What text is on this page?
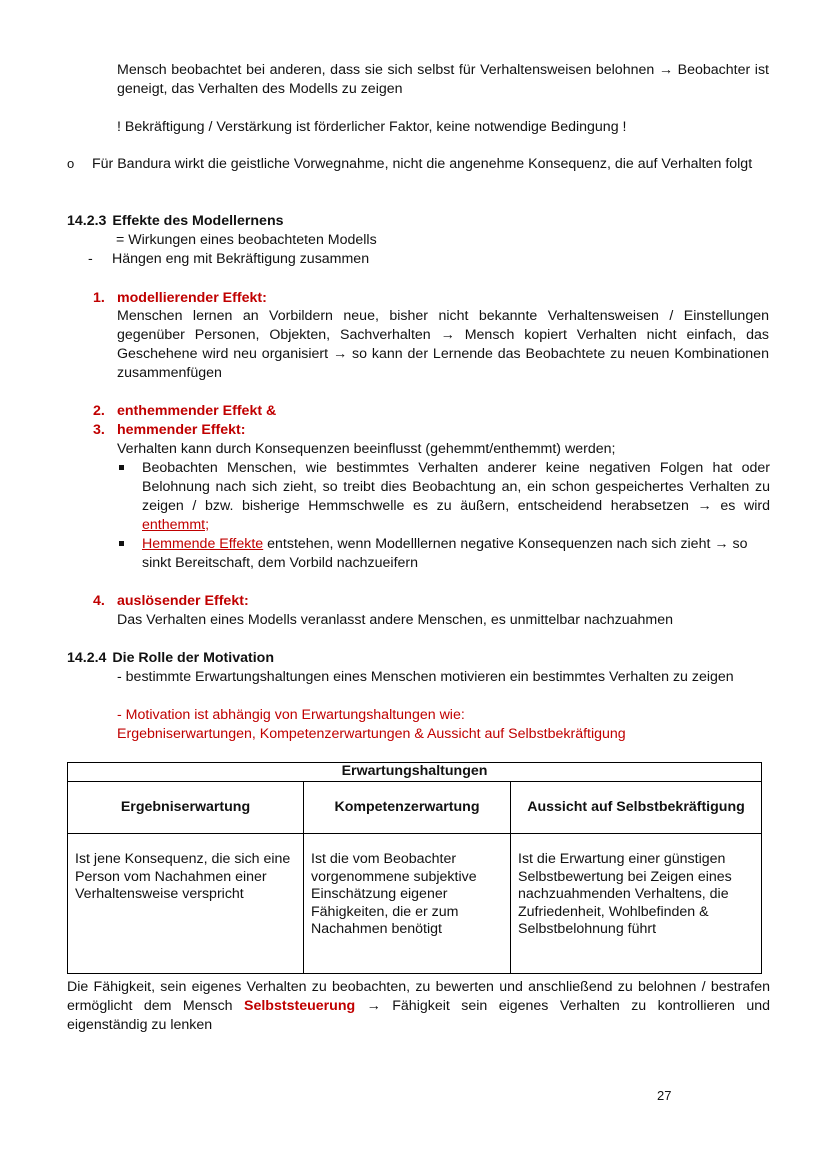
Mensch beobachtet bei anderen, dass sie sich selbst für Verhaltensweisen belohnen → Beobachter ist geneigt, das Verhalten des Modells zu zeigen
! Bekräftigung / Verstärkung ist förderlicher Faktor, keine notwendige Bedingung !
o Für Bandura wirkt die geistliche Vorwegnahme, nicht die angenehme Konsequenz, die auf Verhalten folgt
14.2.3 Effekte des Modellernens
= Wirkungen eines beobachteten Modells
- Hängen eng mit Bekräftigung zusammen
1. modellierender Effekt:
Menschen lernen an Vorbildern neue, bisher nicht bekannte Verhaltensweisen / Einstellungen gegenüber Personen, Objekten, Sachverhalten → Mensch kopiert Verhalten nicht einfach, das Geschehene wird neu organisiert → so kann der Lernende das Beobachtete zu neuen Kombinationen zusammenfügen
2. enthemmender Effekt &
3. hemmender Effekt:
Verhalten kann durch Konsequenzen beeinflusst (gehemmt/enthemmt) werden;
Beobachten Menschen, wie bestimmtes Verhalten anderer keine negativen Folgen hat oder Belohnung nach sich zieht, so treibt dies Beobachtung an, ein schon gespeichertes Verhalten zu zeigen / bzw. bisherige Hemmschwelle es zu äußern, entscheidend herabsetzen → es wird enthemmt;
Hemmende Effekte entstehen, wenn Modelllernen negative Konsequenzen nach sich zieht → so sinkt Bereitschaft, dem Vorbild nachzueifern
4. auslösender Effekt:
Das Verhalten eines Modells veranlasst andere Menschen, es unmittelbar nachzuahmen
14.2.4 Die Rolle der Motivation
- bestimmte Erwartungshaltungen eines Menschen motivieren ein bestimmtes Verhalten zu zeigen
- Motivation ist abhängig von Erwartungshaltungen wie:
Ergebniserwartungen, Kompetenzerwartungen & Aussicht auf Selbstbekräftigung
Erwartungshaltungen		
Ergebniserwartung	Kompetenzerwartung	Aussicht auf Selbstbekräftigung
Ist jene Konsequenz, die sich eine Person vom Nachahmen einer Verhaltensweise verspricht	Ist die vom Beobachter vorgenommene subjektive Einschätzung eigener Fähigkeiten, die er zum Nachahmen benötigt	Ist die Erwartung einer günstigen Selbstbewertung bei Zeigen eines nachzuahmenden Verhaltens, die Zufriedenheit, Wohlbefinden & Selbstbelohnung führt
Die Fähigkeit, sein eigenes Verhalten zu beobachten, zu bewerten und anschließend zu belohnen / bestrafen ermöglicht dem Mensch Selbststeuerung → Fähigkeit sein eigenes Verhalten zu kontrollieren und eigenständig zu lenken
27
